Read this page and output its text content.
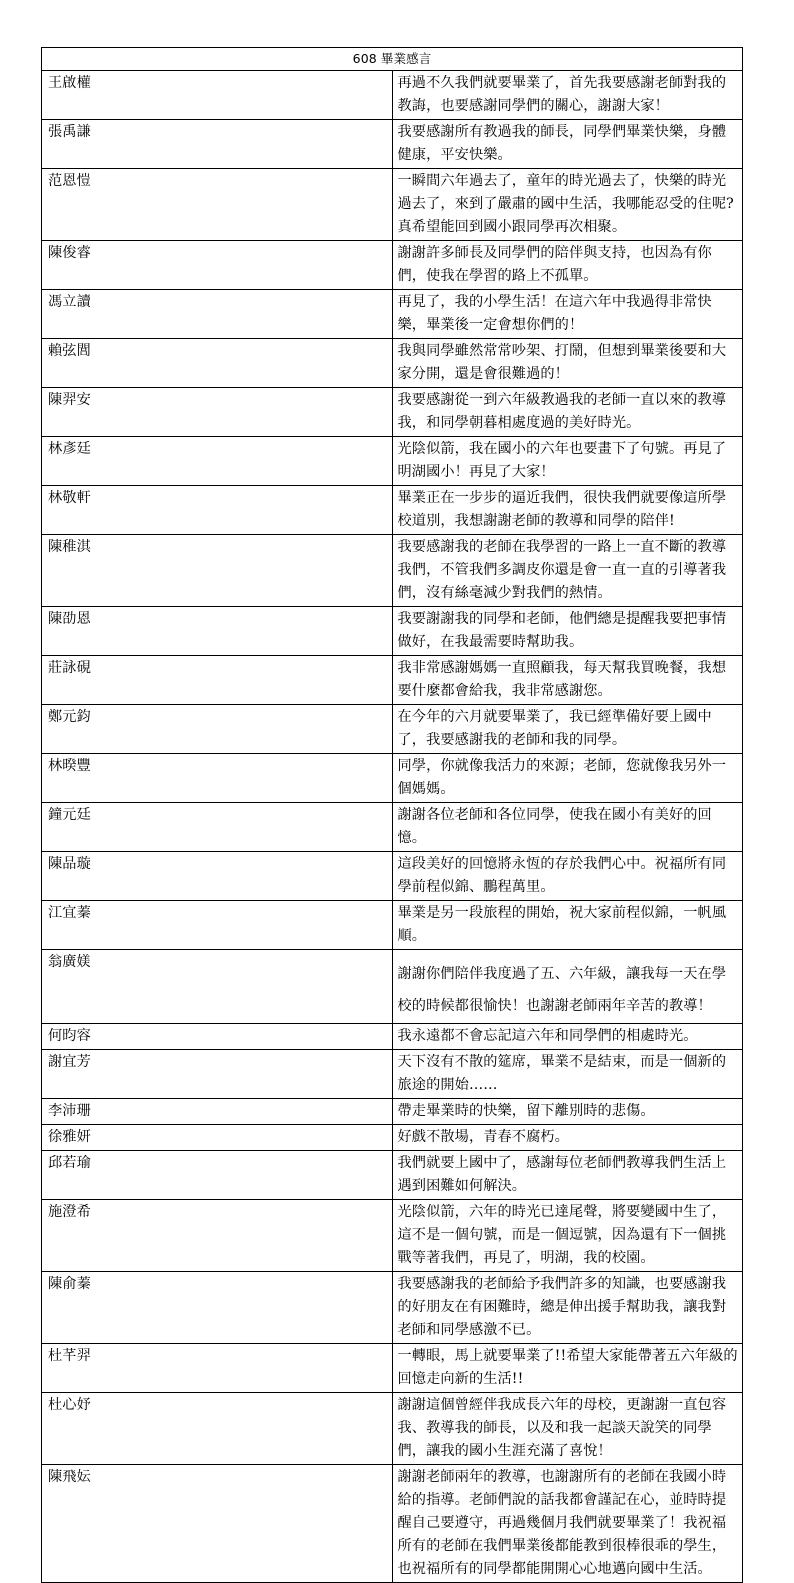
608 畢業感言	
王啟權	再過不久我們就要畢業了，首先我要感謝老師對我的教誨，也要感謝同學們的關心，謝謝大家！
張禹謙	我要感謝所有教過我的師長，同學們畢業快樂，身體健康，平安快樂。
范恩愷	一瞬間六年過去了，童年的時光過去了，快樂的時光過去了，來到了嚴肅的國中生活，我哪能忍受的住呢?真希望能回到國小跟同學再次相聚。
陳俊睿	謝謝許多師長及同學們的陪伴與支持，也因為有你們，使我在學習的路上不孤單。
馮立讀	再見了，我的小學生活！在這六年中我過得非常快樂，畢業後一定會想你們的！
賴弦閭	我與同學雖然常常吵架、打鬧，但想到畢業後要和大家分開，還是會很難過的！
陳羿安	我要感謝從一到六年級教過我的老師一直以來的教導我，和同學朝暮相處度過的美好時光。
林彥廷	光陰似箭，我在國小的六年也要畫下了句號。再見了明湖國小！再見了大家！
林敬軒	畢業正在一步步的逼近我們，很快我們就要像這所學校道別，我想謝謝老師的教導和同學的陪伴!
陳稚淇	我要感謝我的老師在我學習的一路上一直不斷的教導我們，不管我們多調皮你還是會一直一直的引導著我們，沒有絲毫減少對我們的熱情。
陳劭恩	我要謝謝我的同學和老師，他們總是提醒我要把事情做好，在我最需要時幫助我。
莊詠硯	我非常感謝媽媽一直照顧我，每天幫我買晚餐，我想要什麼都會給我，我非常感謝您。
鄭元鈞	在今年的六月就要畢業了，我已經準備好要上國中了，我要感謝我的老師和我的同學。
林暌豐	同學，你就像我活力的來源；老師，您就像我另外一個媽媽。
鐘元廷	謝謝各位老師和各位同學，使我在國小有美好的回憶。
陳品璇	這段美好的回憶將永恆的存於我們心中。祝福所有同學前程似錦、鵬程萬里。
江宜蓁	畢業是另一段旅程的開始，祝大家前程似錦，一帆風順。
翁廣媄	謝謝你們陪伴我度過了五、六年級，讓我每一天在學校的時候都很愉快！也謝謝老師兩年辛苦的教導！
何昀容	我永遠都不會忘記這六年和同學們的相處時光。
謝宜芳	天下沒有不散的筵席，畢業不是結束，而是一個新的旅途的開始……
李沛珊	帶走畢業時的快樂，留下離別時的悲傷。
徐雅妍	好戲不散場，青春不腐朽。
邱若瑜	我們就要上國中了，感謝每位老師們教導我們生活上遇到困難如何解決。
施澄希	光陰似箭，六年的時光已達尾聲，將要變國中生了，這不是一個句號，而是一個逗號，因為還有下一個挑戰等著我們，再見了，明湖，我的校園。
陳俞蓁	我要感謝我的老師給予我們許多的知識，也要感謝我的好朋友在有困難時，總是伸出援手幫助我，讓我對老師和同學感激不已。
杜芊羿	一轉眼，馬上就要畢業了!!希望大家能帶著五六年級的回憶走向新的生活!!
杜心妤	謝謝這個曾經伴我成長六年的母校，更謝謝一直包容我、教導我的師長，以及和我一起談天說笑的同學們，讓我的國小生涯充滿了喜悅！
陳飛妘	謝謝老師兩年的教導，也謝謝所有的老師在我國小時給的指導。老師們說的話我都會謹記在心，並時時提醒自己要遵守，再過幾個月我們就要畢業了！我祝福所有的老師在我們畢業後都能教到很棒很乖的學生，也祝福所有的同學都能開開心心地邁向國中生活。
